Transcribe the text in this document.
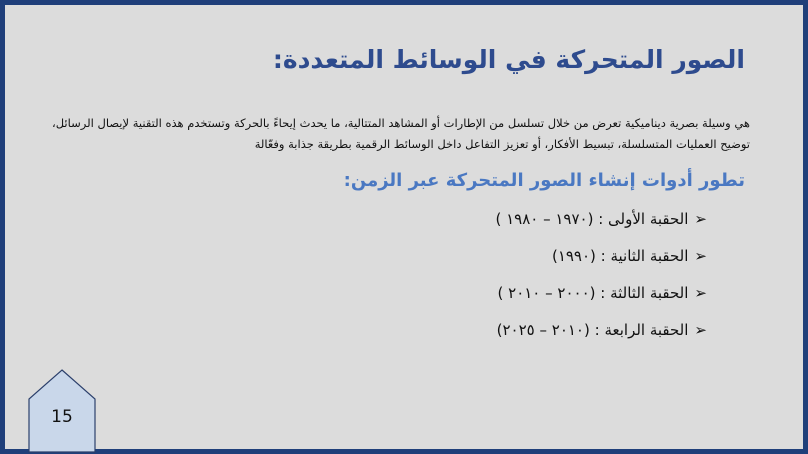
الصور المتحركة في الوسائط المتعددة:

هي وسيلة بصرية ديناميكية تعرض من خلال تسلسل من الإطارات أو المشاهد المتتالية، ما يحدث إيحاءً بالحركة وتستخدم هذه التقنية لإيصال الرسائل، توضيح العمليات المتسلسلة، تبسيط الأفكار، أو تعزيز التفاعل داخل الوسائط الرقمية بطريقة جذابة وفعّالة

تطور أدوات إنشاء الصور المتحركة عبر الزمن:
➢
الحقبة الأولى : (١٩٧٠ – ١٩٨٠ )
➢
الحقبة الثانية : (١٩٩٠)
➢
الحقبة الثالثة : (٢٠٠٠ – ٢٠١٠ )
➢
الحقبة الرابعة : (٢٠١٠ – ٢٠٢٥)
15
